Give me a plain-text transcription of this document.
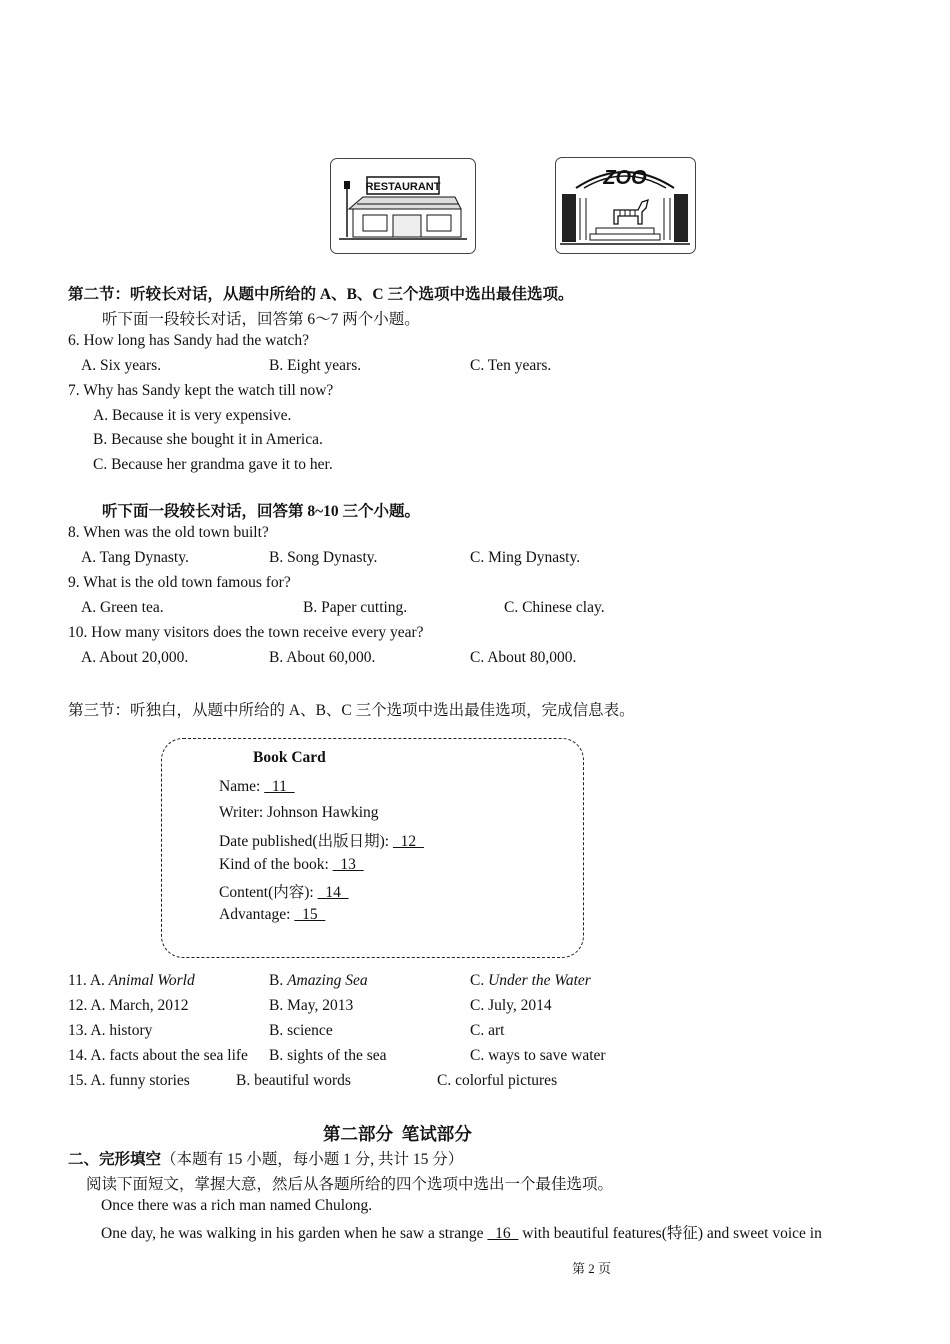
RESTAURANT	ZOO
第二节：听较长对话，从题中所给的 A、B、C 三个选项中选出最佳选项。
听下面一段较长对话，回答第 6～7 两个小题。
6. How long has Sandy had the watch?
A. Six years.	B. Eight years.	C. Ten years.
7. Why has Sandy kept the watch till now?
A. Because it is very expensive.
B. Because she bought it in America.
C. Because her grandma gave it to her.
听下面一段较长对话，回答第 8~10 三个小题。
8. When was the old town built?
A. Tang Dynasty.	B. Song Dynasty.	C. Ming Dynasty.
9. What is the old town famous for?
A. Green tea.	B. Paper cutting.	C. Chinese clay.
10. How many visitors does the town receive every year?
A. About 20,000.	B. About 60,000.	C. About 80,000.
第三节：听独白，从题中所给的 A、B、C 三个选项中选出最佳选项，完成信息表。
Book Card
Name:   11
Writer: Johnson Hawking
Date published(出版日期):   12
Kind of the book:   13
Content(内容):   14
Advantage:   15
11. A. Animal World	B. Amazing Sea	C. Under the Water
12. A. March, 2012	B. May, 2013	C. July, 2014
13. A. history	B. science	C. art
14. A. facts about the sea life B. sights of the sea	C. ways to save water
15. A. funny stories	B. beautiful words	C. colorful pictures
第二部分  笔试部分
二、完形填空（本题有 15 小题，每小题 1 分, 共计 15 分）
阅读下面短文，掌握大意，然后从各题所给的四个选项中选出一个最佳选项。
Once there was a rich man named Chulong.
One day, he was walking in his garden when he saw a strange   16   with beautiful features(特征) and sweet voice in
第 2 页
